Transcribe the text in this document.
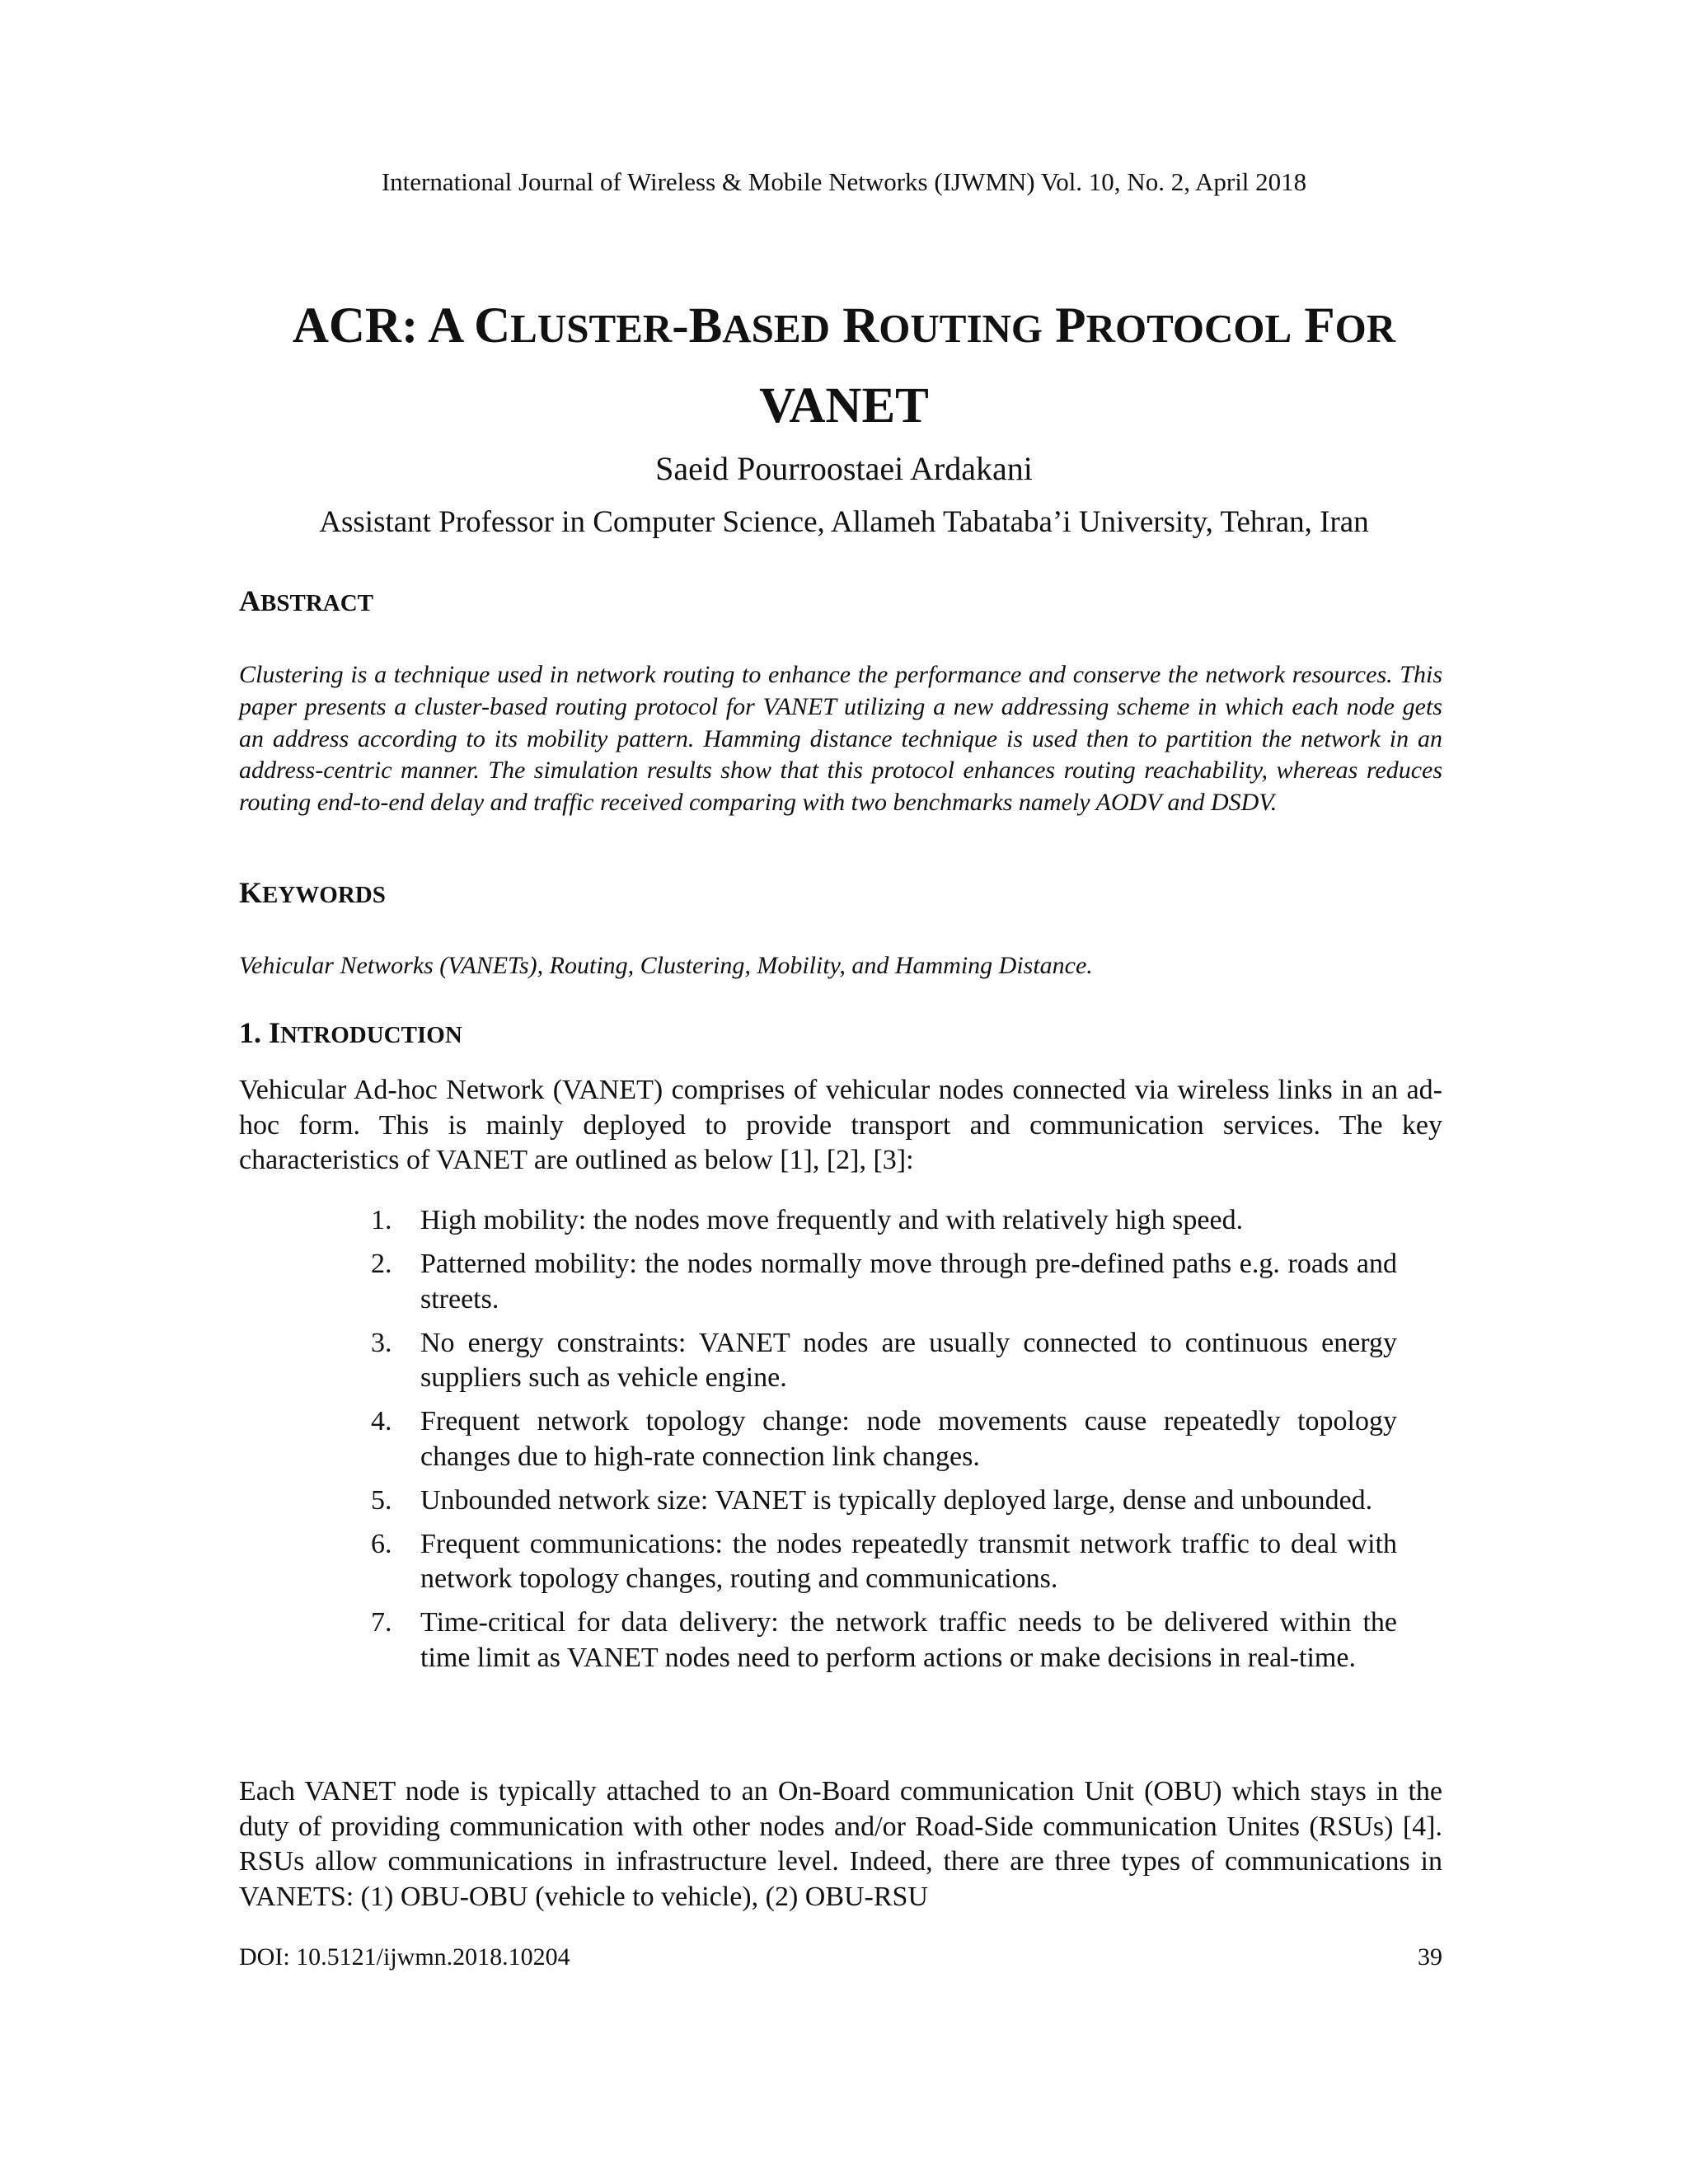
International Journal of Wireless & Mobile Networks (IJWMN) Vol. 10, No. 2, April 2018
ACR: A CLUSTER-BASED ROUTING PROTOCOL FOR
VANET
Saeid Pourroostaei Ardakani
Assistant Professor in Computer Science, Allameh Tabataba’i University, Tehran, Iran
ABSTRACT
Clustering is a technique used in network routing to enhance the performance and conserve the network resources. This paper presents a cluster-based routing protocol for VANET utilizing a new addressing scheme in which each node gets an address according to its mobility pattern. Hamming distance technique is used then to partition the network in an address-centric manner. The simulation results show that this protocol enhances routing reachability, whereas reduces routing end-to-end delay and traffic received comparing with two benchmarks namely AODV and DSDV.
KEYWORDS
Vehicular Networks (VANETs), Routing, Clustering, Mobility, and Hamming Distance.
1. INTRODUCTION
Vehicular Ad-hoc Network (VANET) comprises of vehicular nodes connected via wireless links in an ad-hoc form. This is mainly deployed to provide transport and communication services. The key characteristics of VANET are outlined as below [1], [2], [3]:
1. High mobility: the nodes move frequently and with relatively high speed.
2. Patterned mobility: the nodes normally move through pre-defined paths e.g. roads and streets.
3. No energy constraints: VANET nodes are usually connected to continuous energy suppliers such as vehicle engine.
4. Frequent network topology change: node movements cause repeatedly topology changes due to high-rate connection link changes.
5. Unbounded network size: VANET is typically deployed large, dense and unbounded.
6. Frequent communications: the nodes repeatedly transmit network traffic to deal with network topology changes, routing and communications.
7. Time-critical for data delivery: the network traffic needs to be delivered within the time limit as VANET nodes need to perform actions or make decisions in real-time.
Each VANET node is typically attached to an On-Board communication Unit (OBU) which stays in the duty of providing communication with other nodes and/or Road-Side communication Unites (RSUs) [4]. RSUs allow communications in infrastructure level. Indeed, there are three types of communications in VANETS: (1) OBU-OBU (vehicle to vehicle), (2) OBU-RSU
DOI: 10.5121/ijwmn.2018.10204	39
